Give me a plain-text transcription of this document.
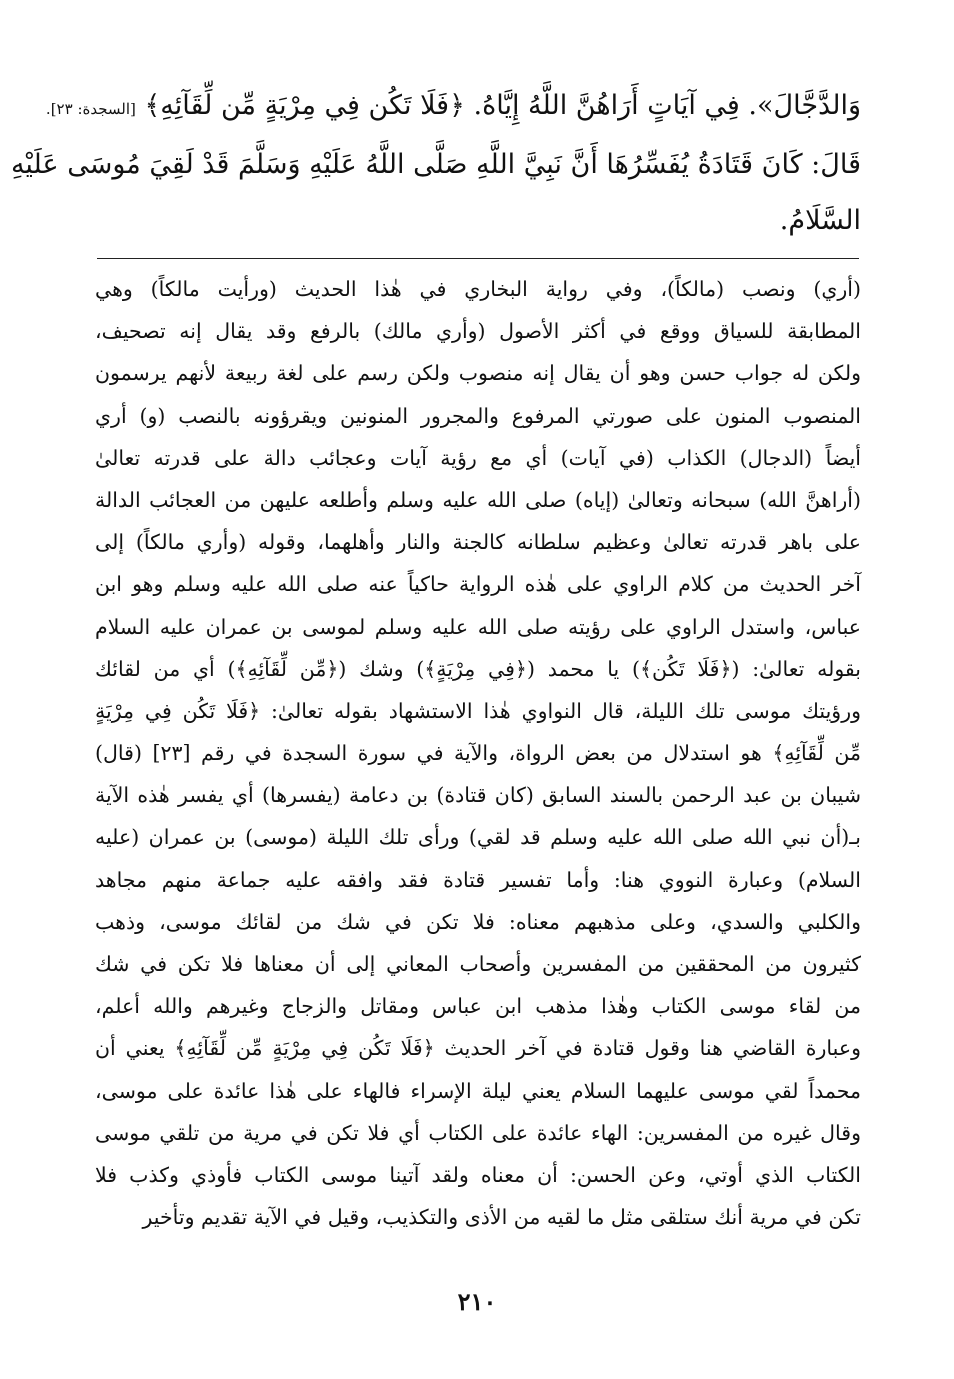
وَالدَّجَّالَ». فِي آيَاتٍ أَرَاهُنَّ اللَّهُ إِيَّاهُ. ﴿فَلَا تَكُن فِي مِرْيَةٍ مِّن لِّقَآئِهِ﴾ [السجدة: ٢٣].
قَالَ: كَانَ قَتَادَةُ يُفَسِّرُهَا أَنَّ نَبِيَّ اللَّهِ صَلَّى اللَّهُ عَلَيْهِ وَسَلَّمَ قَدْ لَقِيَ مُوسَى عَلَيْهِ
السَّلَامُ.
(أري) ونصب (مالكاً)، وفي رواية البخاري في هٰذا الحديث (ورأيت مالكاً) وهي
المطابقة للسياق ووقع في أكثر الأصول (وأري مالك) بالرفع وقد يقال إنه تصحيف،
ولكن له جواب حسن وهو أن يقال إنه منصوب ولكن رسم على لغة ربيعة لأنهم يرسمون
المنصوب المنون على صورتي المرفوع والمجرور المنونين ويقرؤونه بالنصب (و) أري
أيضاً (الدجال) الكذاب (في آيات) أي مع رؤية آيات وعجائب دالة على قدرته تعالىٰ
(أراهنَّ الله) سبحانه وتعالىٰ (إياه) صلى الله عليه وسلم وأطلعه عليهن من العجائب الدالة
على باهر قدرته تعالىٰ وعظيم سلطانه كالجنة والنار وأهلهما، وقوله (وأري مالكاً) إلى
آخر الحديث من كلام الراوي على هٰذه الرواية حاكياً عنه صلى الله عليه وسلم وهو ابن
عباس، واستدل الراوي على رؤيته صلى الله عليه وسلم لموسى بن عمران عليه السلام
بقوله تعالىٰ: (﴿فَلَا تَكُن﴾) يا محمد (﴿فِي مِرْيَةٍ﴾) وشك (﴿مِّن لِّقَآئِهِ﴾) أي من لقائك
ورؤيتك موسى تلك الليلة، قال النواوي هٰذا الاستشهاد بقوله تعالىٰ: ﴿فَلَا تَكُن فِي مِرْيَةٍ
مِّن لِّقَآئِهِ﴾ هو استدلال من بعض الرواة، والآية في سورة السجدة في رقم [٢٣] (قال)
شيبان بن عبد الرحمن بالسند السابق (كان قتادة) بن دعامة (يفسرها) أي يفسر هٰذه الآية
بـ(أن نبي الله صلى الله عليه وسلم قد لقي) ورأى تلك الليلة (موسى) بن عمران (عليه
السلام) وعبارة النووي هنا: وأما تفسير قتادة فقد وافقه عليه جماعة منهم مجاهد
والكلبي والسدي، وعلى مذهبهم معناه: فلا تكن في شك من لقائك موسى، وذهب
كثيرون من المحققين من المفسرين وأصحاب المعاني إلى أن معناها فلا تكن في شك
من لقاء موسى الكتاب وهٰذا مذهب ابن عباس ومقاتل والزجاج وغيرهم والله أعلم،
وعبارة القاضي هنا وقول قتادة في آخر الحديث ﴿فَلَا تَكُن فِي مِرْيَةٍ مِّن لِّقَآئِهِ﴾ يعني أن
محمداً لقي موسى عليهما السلام يعني ليلة الإسراء فالهاء على هٰذا عائدة على موسى،
وقال غيره من المفسرين: الهاء عائدة على الكتاب أي فلا تكن في مرية من تلقي موسى
الكتاب الذي أوتي، وعن الحسن: أن معناه ولقد آتينا موسى الكتاب فأوذي وكذب فلا
تكن في مرية أنك ستلقى مثل ما لقيه من الأذى والتكذيب، وقيل في الآية تقديم وتأخير
٢١٠
